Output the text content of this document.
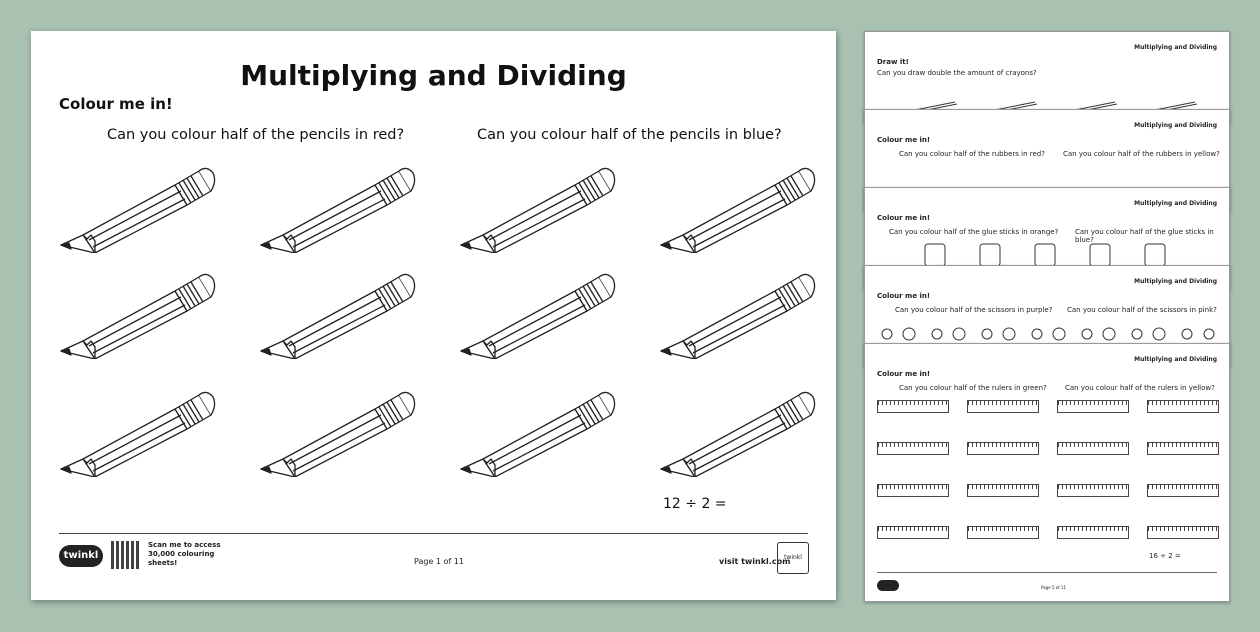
Multiplying and Dividing
Colour me in!
Can you colour half of the pencils in red?	Can you colour half of the pencils in blue?
12 ÷ 2 =
twinkl
Scan me to access 30,000 colouring sheets!	Page 1 of 11	visit twinkl.com
twinkl
Multiplying and Dividing
Draw it!
Can you draw double the amount of crayons?
Multiplying and Dividing
Colour me in!
Can you colour half of the rubbers in red?	Can you colour half of the rubbers in yellow?
Multiplying and Dividing
Colour me in!
Can you colour half of the glue sticks in orange? Can you colour half of the glue sticks in blue?
Multiplying and Dividing
Colour me in!
Can you colour half of the scissors in purple? Can you colour half of the scissors in pink?
Multiplying and Dividing
Colour me in!
Can you colour half of the rulers in green?	Can you colour half of the rulers in yellow?
16 ÷ 2 =
Page 5 of 11
